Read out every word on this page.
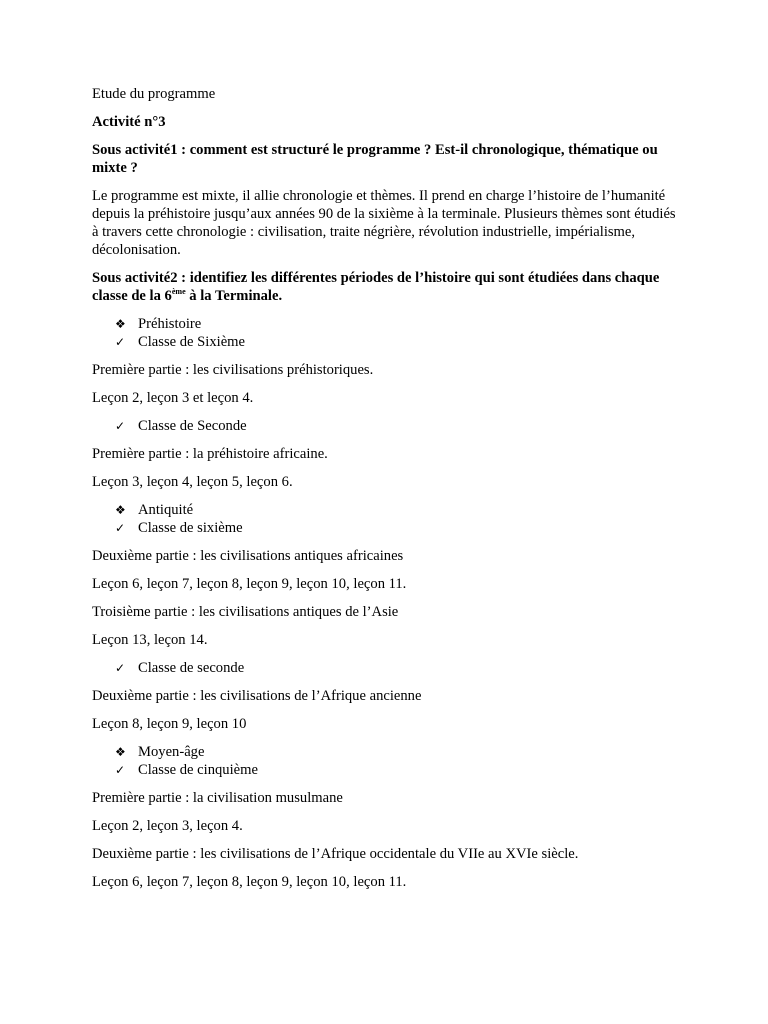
Etude du programme

Activité n°3

Sous activité1 : comment est structuré le programme ? Est-il chronologique, thématique ou mixte ?

Le programme est mixte, il allie chronologie et thèmes. Il prend en charge l’histoire de l’humanité depuis la préhistoire jusqu’aux années 90 de la sixième à la terminale. Plusieurs thèmes sont étudiés à travers cette chronologie : civilisation, traite négrière, révolution industrielle, impérialisme, décolonisation.

Sous activité2 : identifiez les différentes périodes de l’histoire qui sont étudiées dans chaque classe de la 6ème à la Terminale.

❖ Préhistoire
✓ Classe de Sixième

Première partie : les civilisations préhistoriques.

Leçon 2, leçon 3 et leçon 4.

✓ Classe de Seconde

Première partie : la préhistoire africaine.

Leçon 3, leçon 4, leçon 5, leçon 6.

❖ Antiquité
✓ Classe de sixième

Deuxième partie : les civilisations antiques africaines

Leçon 6, leçon 7, leçon 8, leçon 9, leçon 10, leçon 11.

Troisième partie : les civilisations antiques de l’Asie

Leçon 13, leçon 14.

✓ Classe de seconde

Deuxième partie : les civilisations de l’Afrique ancienne

Leçon 8, leçon 9, leçon 10

❖ Moyen-âge
✓ Classe de cinquième

Première partie : la civilisation musulmane

Leçon 2, leçon 3, leçon 4.

Deuxième partie : les civilisations de l’Afrique occidentale du VIIe au XVIe siècle.

Leçon 6, leçon 7, leçon 8, leçon 9, leçon 10, leçon 11.
